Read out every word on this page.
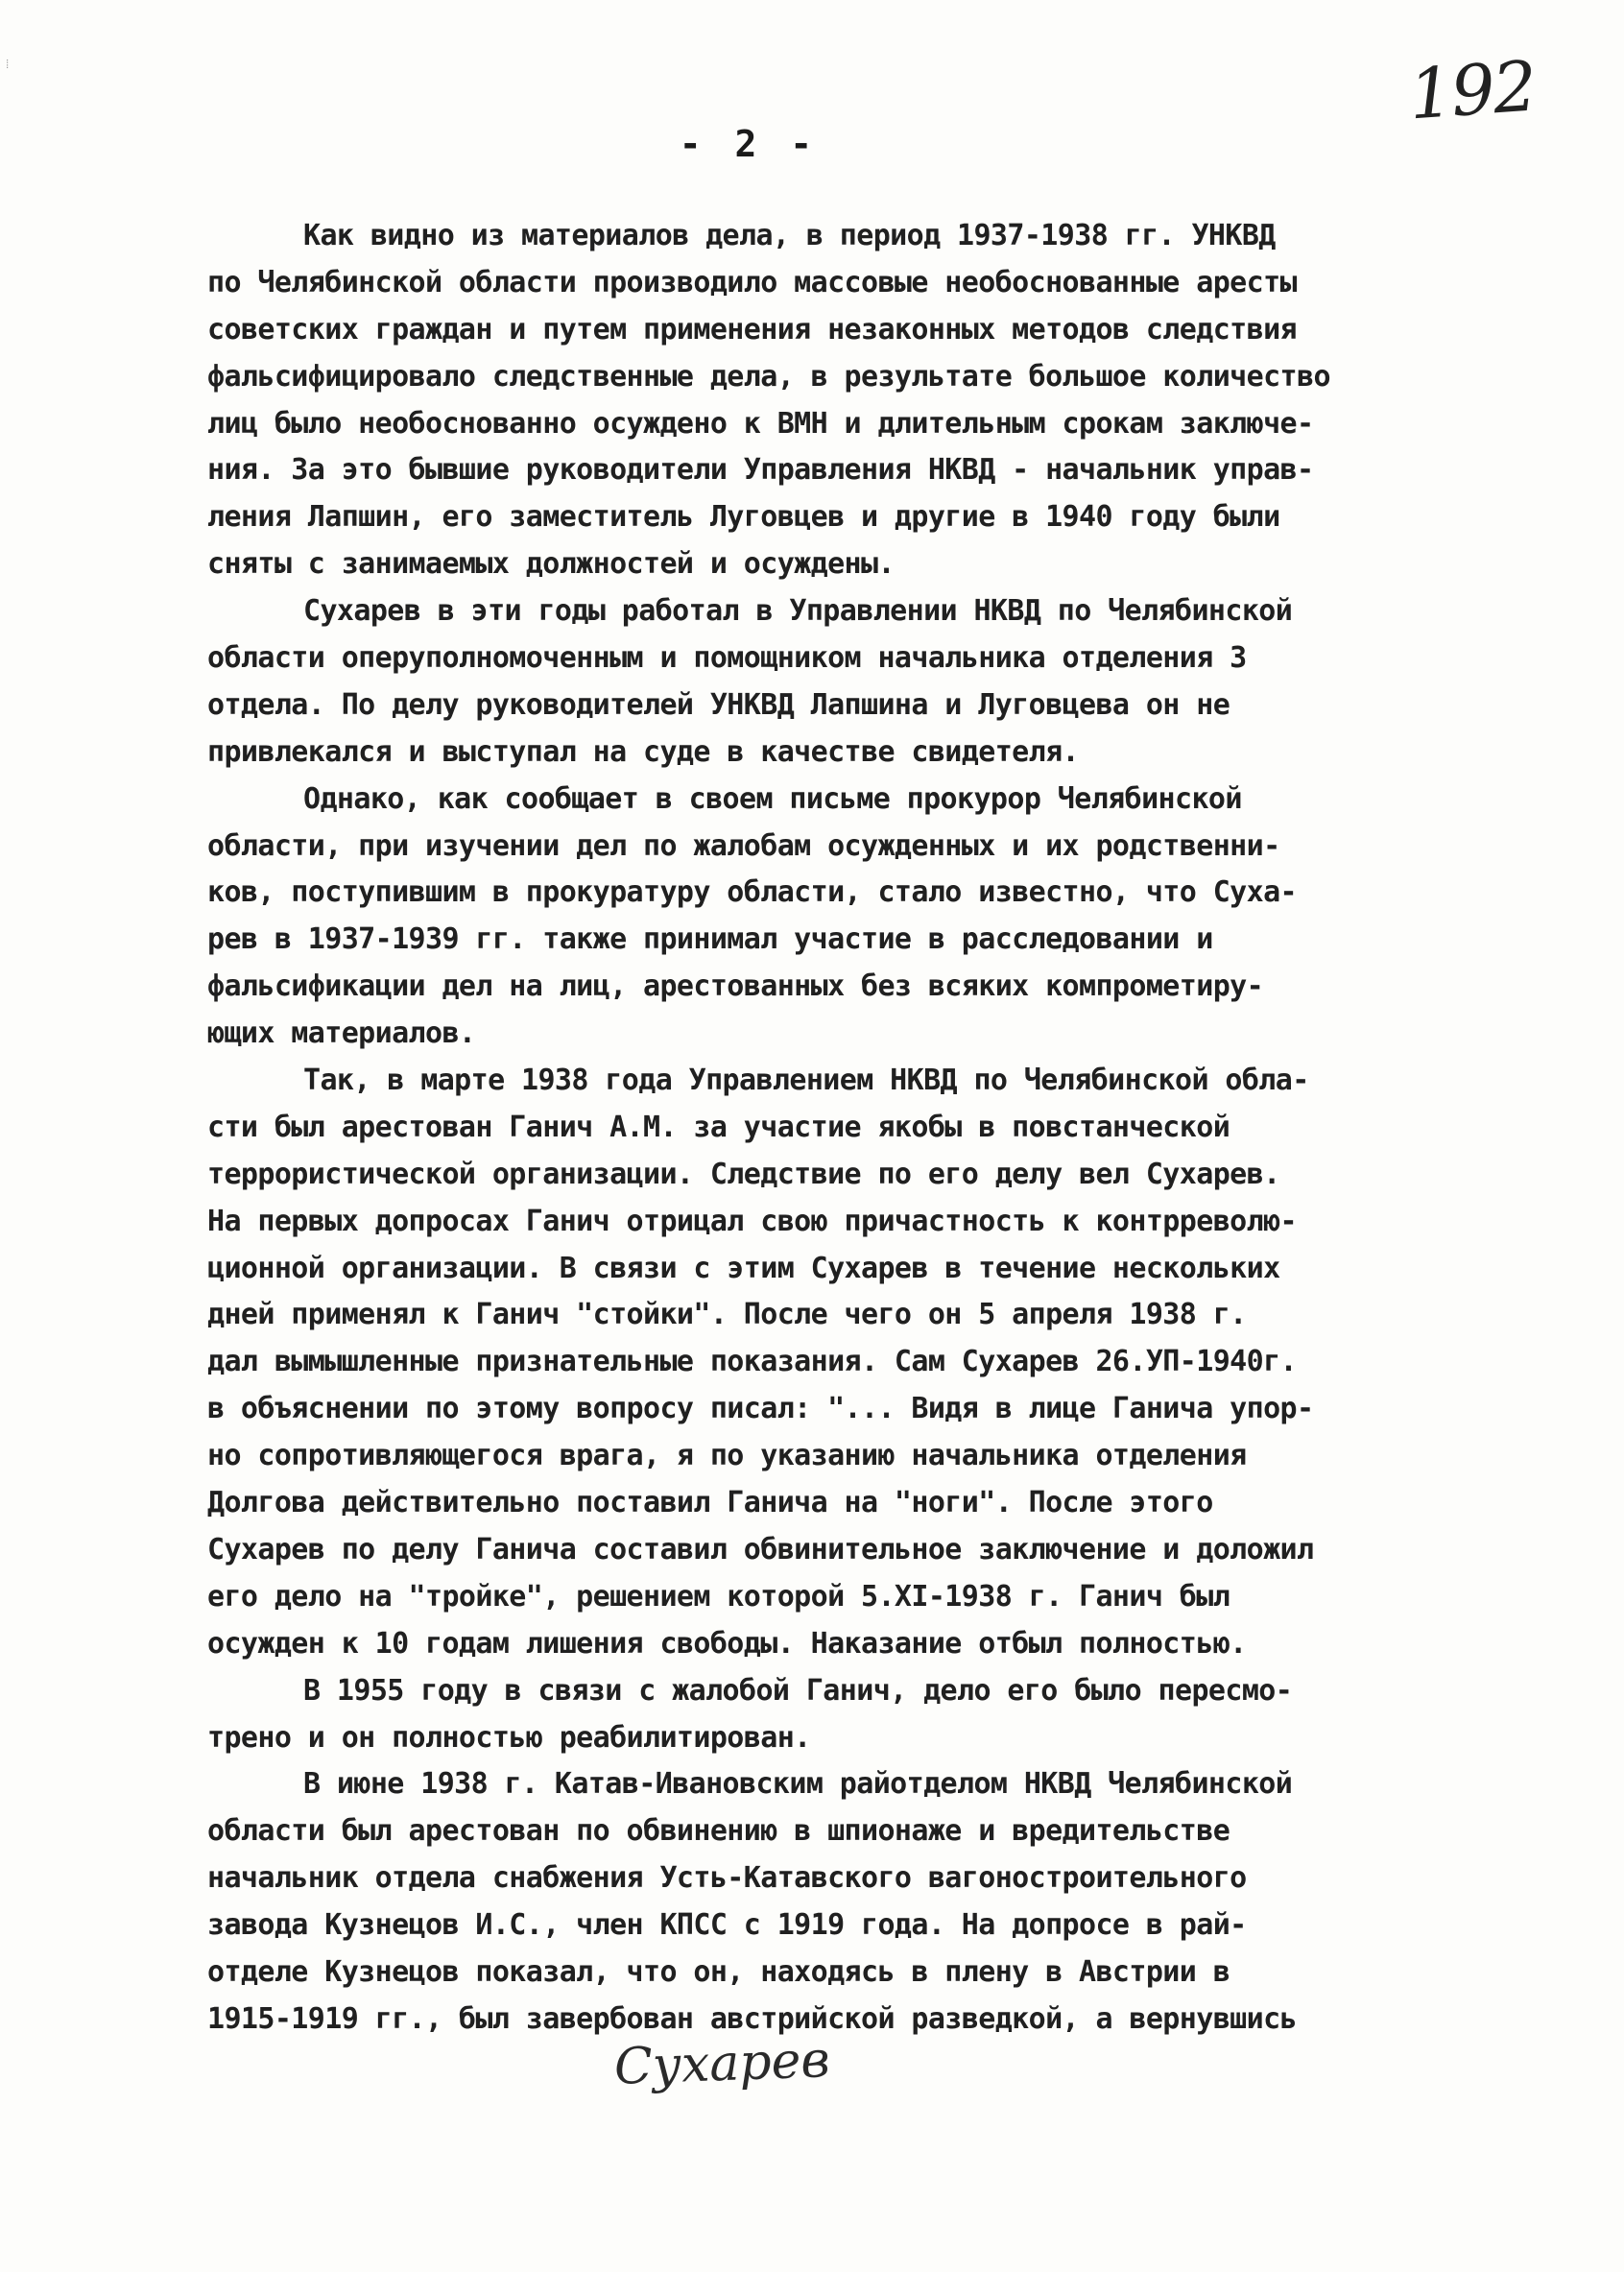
⁞	192
- 2 -
Как видно из материалов дела, в период 1937-1938 гг. УНКВД
по Челябинской области производило массовые необоснованные аресты
советских граждан и путем применения незаконных методов следствия
фальсифицировало следственные дела, в результате большое количество
лиц было необоснованно осуждено к ВМН и длительным срокам заключе-
ния. За это бывшие руководители Управления НКВД - начальник управ-
ления Лапшин, его заместитель Луговцев и другие в 1940 году были
сняты с занимаемых должностей и осуждены.
Сухарев в эти годы работал в Управлении НКВД по Челябинской
области оперуполномоченным и помощником начальника отделения 3
отдела. По делу руководителей УНКВД Лапшина и Луговцева он не
привлекался и выступал на суде в качестве свидетеля.
Однако, как сообщает в своем письме прокурор Челябинской
области, при изучении дел по жалобам осужденных и их родственни-
ков, поступившим в прокуратуру области, стало известно, что Суха-
рев в 1937-1939 гг. также принимал участие в расследовании и
фальсификации дел на лиц, арестованных без всяких компрометиру-
ющих материалов.
Так, в марте 1938 года Управлением НКВД по Челябинской обла-
сти был арестован Ганич А.М. за участие якобы в повстанческой
террористической организации. Следствие по его делу вел Сухарев.
На первых допросах Ганич отрицал свою причастность к контрреволю-
ционной организации. В связи с этим Сухарев в течение нескольких
дней применял к Ганич "стойки". После чего он 5 апреля 1938 г.
дал вымышленные признательные показания. Сам Сухарев 26.УП-1940г.
в объяснении по этому вопросу писал: "... Видя в лице Ганича упор-
но сопротивляющегося врага, я по указанию начальника отделения
Долгова действительно поставил Ганича на "ноги". После этого
Сухарев по делу Ганича составил обвинительное заключение и доложил
его дело на "тройке", решением которой 5.XI-1938 г. Ганич был
осужден к 10 годам лишения свободы. Наказание отбыл полностью.
В 1955 году в связи с жалобой Ганич, дело его было пересмо-
трено и он полностью реабилитирован.
В июне 1938 г. Катав-Ивановским райотделом НКВД Челябинской
области был арестован по обвинению в шпионаже и вредительстве
начальник отдела снабжения Усть-Катавского вагоностроительного
завода Кузнецов И.С., член КПСС с 1919 года. На допросе в рай-
отделе Кузнецов показал, что он, находясь в плену в Австрии в
1915-1919 гг., был завербован австрийской разведкой, а вернувшись
Сухарев
